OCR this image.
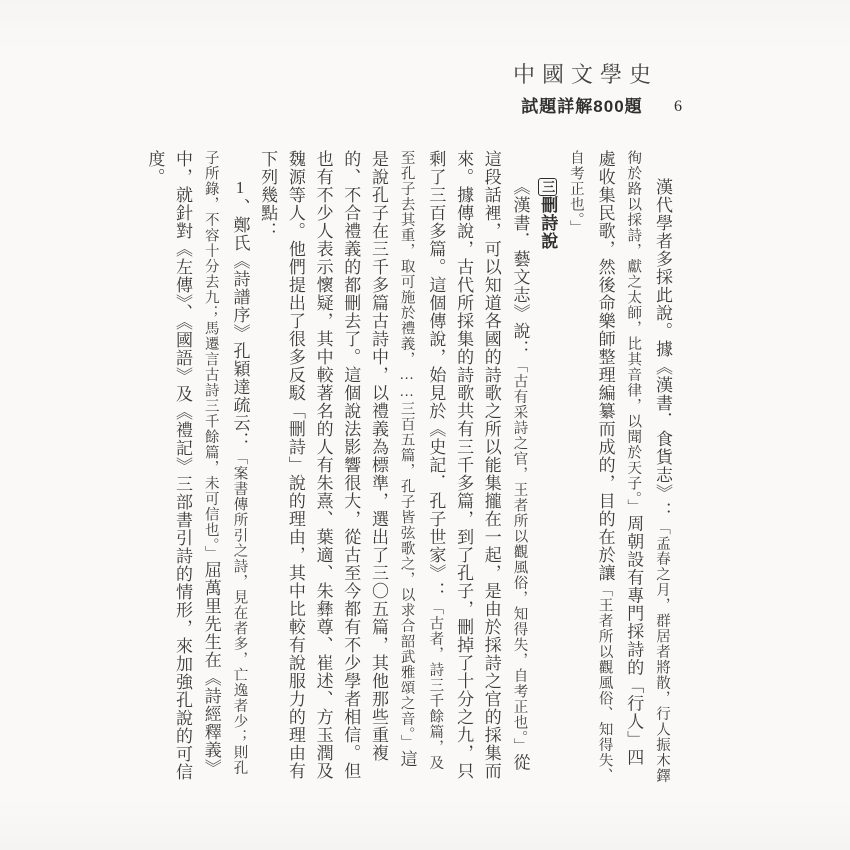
中國文學史
試題詳解800題 6

漢代學者多採此說。據《漢書．食貨志》：「孟春之月，群居者將散，行人振木鐸徇於路以採詩，獻之太師，比其音律，以聞於天子。」周朝設有專門採詩的「行人」四處收集民歌，然後命樂師整理編纂而成的，目的在於讓「王者所以觀風俗、知得失、自考正也。」

三刪詩說

《漢書．藝文志》說：「古有采詩之官，王者所以觀風俗，知得失，自考正也。」從這段話裡，可以知道各國的詩歌之所以能集攏在一起，是由於採詩之官的採集而來。據傳說，古代所採集的詩歌共有三千多篇，到了孔子，刪掉了十分之九，只剩了三百多篇。這個傳說，始見於《史記．孔子世家》：「古者，詩三千餘篇，及至孔子去其重，取可施於禮義，……三百五篇，孔子皆弦歌之，以求合韶武雅頌之音。」這是說孔子在三千多篇古詩中，以禮義為標準，選出了三〇五篇，其他那些重複的、不合禮義的都刪去了。這個說法影響很大，從古至今都有不少學者相信。但也有不少人表示懷疑，其中較著名的人有朱熹、葉適、朱彝尊、崔述、方玉潤及魏源等人。他們提出了很多反駁「刪詩」說的理由，其中比較有說服力的理由有下列幾點：

1、鄭氏《詩譜序》孔穎達疏云：「案書傳所引之詩，見在者多，亡逸者少；則孔子所錄，不容十分去九；馬遷言古詩三千餘篇，未可信也。」屈萬里先生在《詩經釋義》中，就針對《左傳》、《國語》及《禮記》三部書引詩的情形，來加強孔說的可信度。
